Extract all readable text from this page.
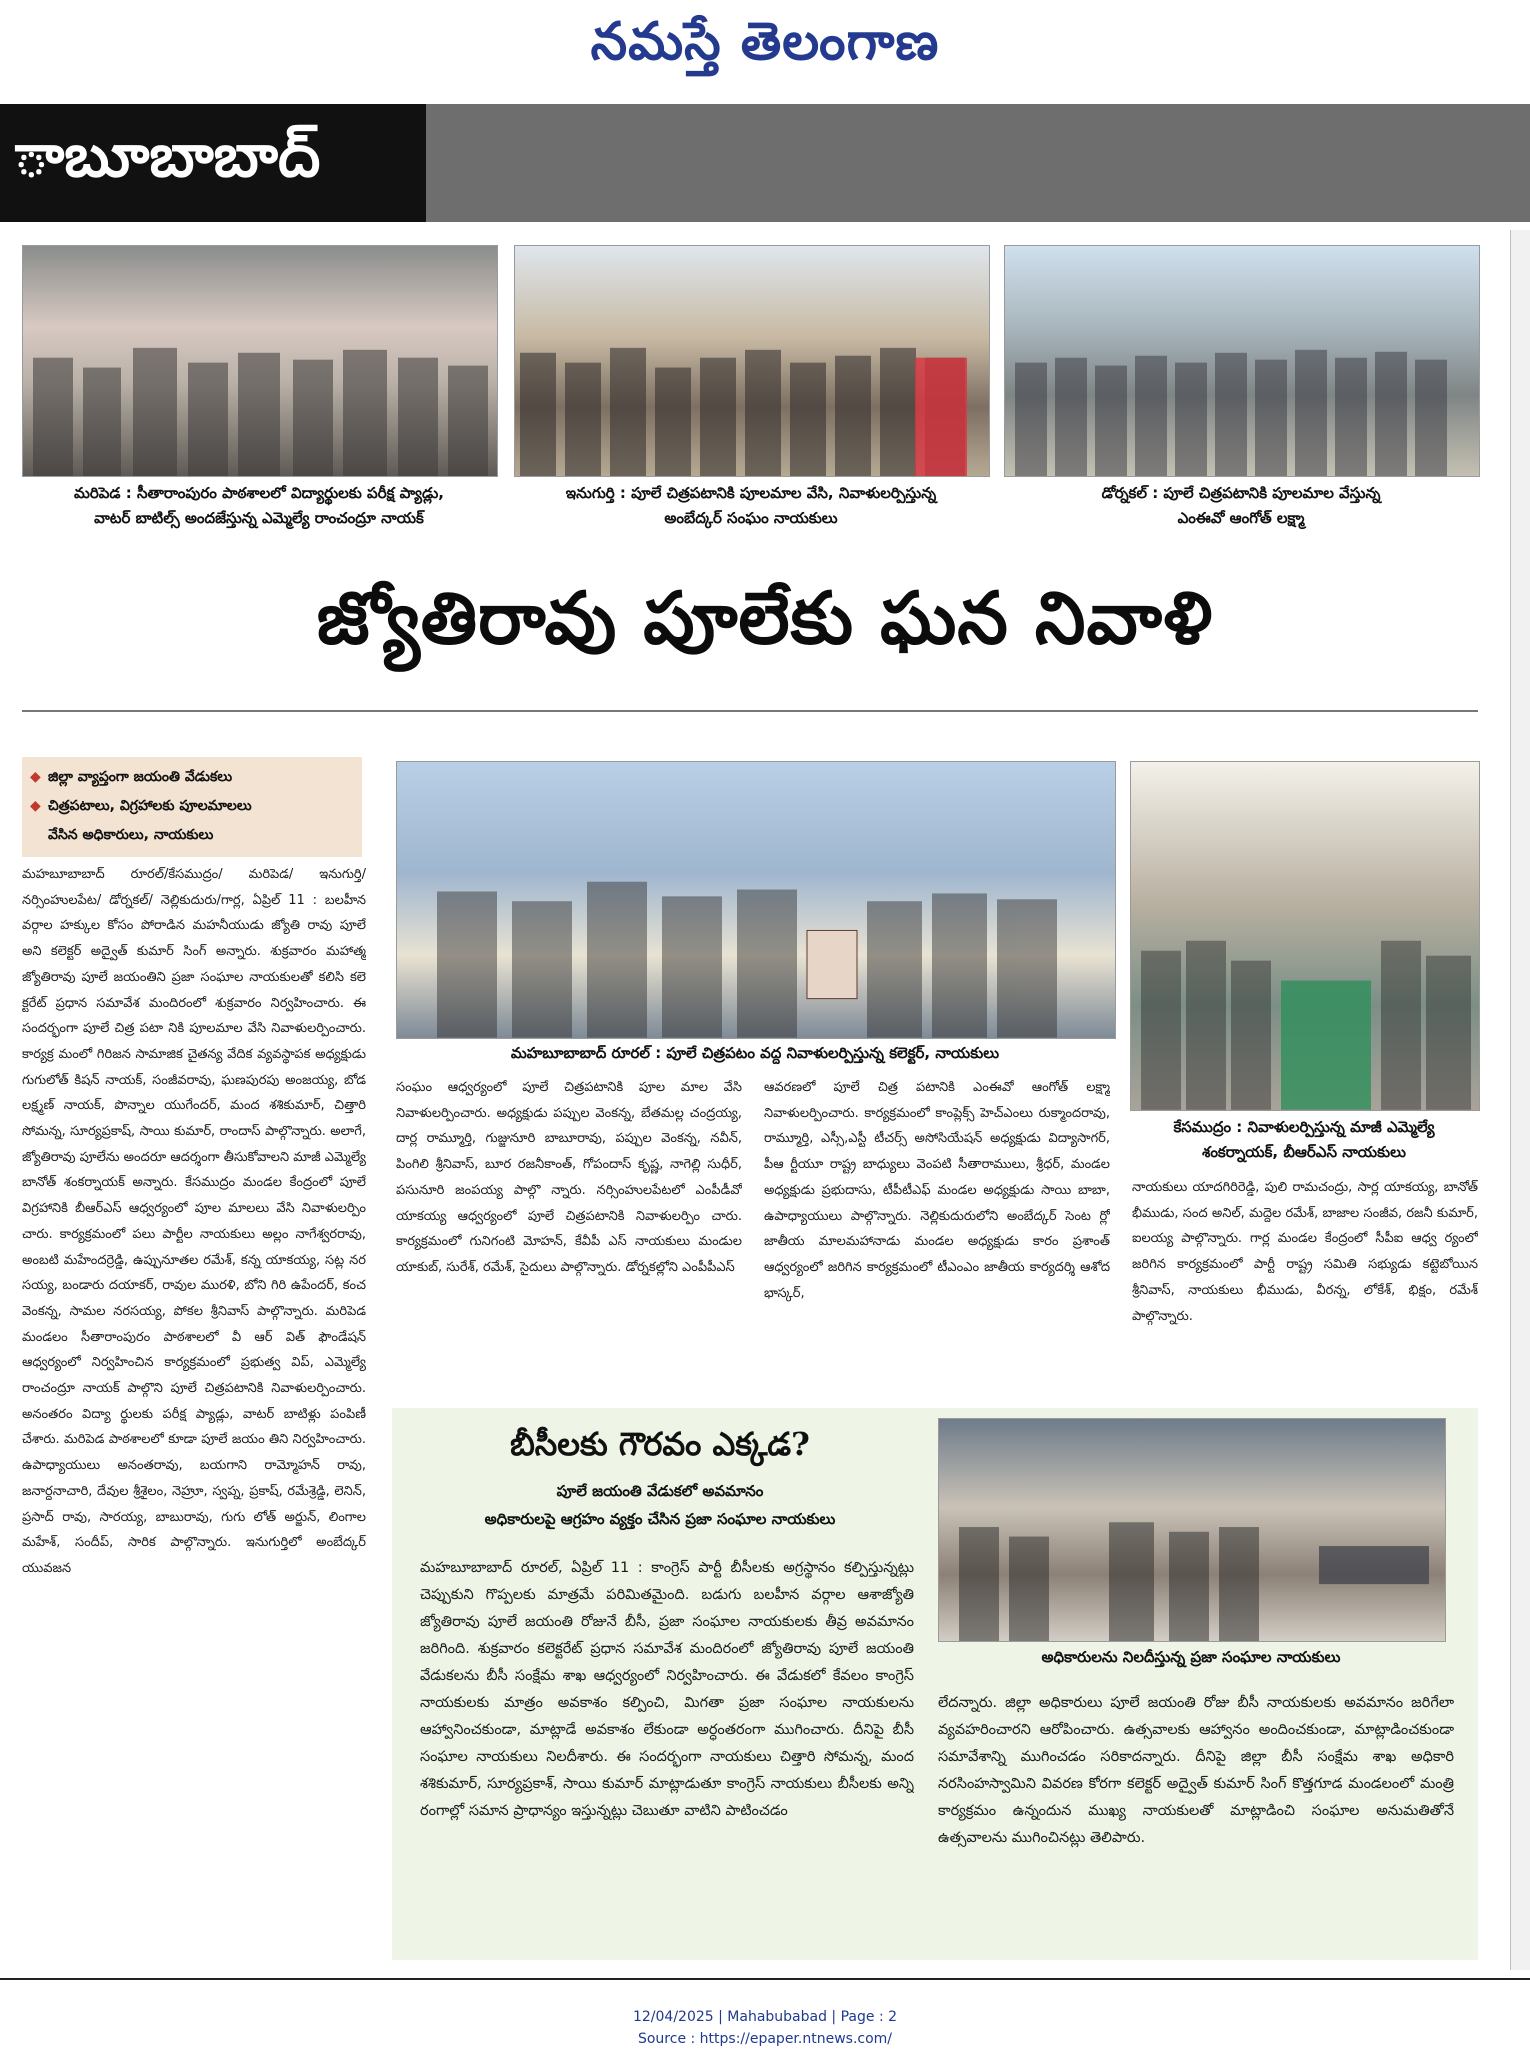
నమస్తే తెలంగాణ
ాబూబాబాద్
మరిపెడ : సీతారాంపురం పాఠశాలలో విద్యార్థులకు పరీక్ష ప్యాడ్లు,
వాటర్ బాటిల్స్ అందజేస్తున్న ఎమ్మెల్యే రాంచంద్రూ నాయక్
ఇనుగుర్తి : పూలే చిత్రపటానికి పూలమాల వేసి, నివాళులర్పిస్తున్న
అంబేద్కర్ సంఘం నాయకులు
డోర్నకల్ : పూలే చిత్రపటానికి పూలమాల వేస్తున్న
ఎంఈవో ఆంగోత్ లక్ష్మా
జ్యోతిరావు పూలేకు ఘన నివాళి
◆ జిల్లా వ్యాప్తంగా జయంతి వేడుకలు
◆ చిత్రపటాలు, విగ్రహాలకు పూలమాలలు
వేసిన అధికారులు, నాయకులు
మహబూబాబాద్ రూరల్ : పూలే చిత్రపటం వద్ద నివాళులర్పిస్తున్న కలెక్టర్, నాయకులు
కేసముద్రం : నివాళులర్పిస్తున్న మాజీ ఎమ్మెల్యే
శంకర్నాయక్, బీఆర్ఎస్ నాయకులు
మహబూబాబాద్ రూరల్/కేసముద్రం/ మరిపెడ/ ఇనుగుర్తి/నర్సింహులపేట/ డోర్నకల్/ నెల్లికుదురు/గార్ల, ఏప్రిల్ 11 : బలహీన వర్గాల హక్కుల కోసం పోరాడిన మహనీయుడు జ్యోతి రావు పూలే అని కలెక్టర్ అద్వైత్ కుమార్ సింగ్ అన్నారు. శుక్రవారం మహాత్మ జ్యోతిరావు పూలే జయంతిని ప్రజా సంఘాల నాయకులతో కలిసి కలె క్టరేట్ ప్రధాన సమావేశ మందిరంలో శుక్రవారం నిర్వహించారు. ఈ సందర్భంగా పూలే చిత్ర పటా నికి పూలమాల వేసి నివాళులర్పించారు. కార్యక్ర మంలో గిరిజన సామాజిక చైతన్య వేదిక వ్యవస్థాపక అధ్యక్షుడు గుగులోత్ కిషన్ నాయక్, సంజీవరావు, ఘణపురపు అంజయ్య, బోడ లక్ష్మణ్ నాయక్, పొన్నాల యుగేందర్, మంద శశికుమార్, చిత్తారి సోమన్న, సూర్యప్రకాష్, సాయి కుమార్, రాందాస్ పాల్గొన్నారు. అలాగే, జ్యోతిరావు పూలేను అందరూ ఆదర్శంగా తీసుకోవాలని మాజీ ఎమ్మెల్యే బానోత్ శంకర్నాయక్ అన్నారు. కేసముద్రం మండల కేంద్రంలో పూలే విగ్రహానికి బీఆర్ఎస్ ఆధ్వర్యంలో పూల మాలలు వేసి నివాళులర్పిం చారు. కార్యక్రమంలో పలు పార్టీల నాయకులు అల్లం నాగేశ్వరరావు, అంబటి మహేందర్రెడ్డి, ఉప్పునూతల రమేశ్, కన్న యాకయ్య, సట్ల నర సయ్య, బండారు దయాకర్, రావుల మురళి, బోని గిరి ఉపేందర్, కంచ వెంకన్న, సామల నరసయ్య, పోకల శ్రీనివాస్ పాల్గొన్నారు. మరిపెడ మండలం సీతారాంపురం పాఠశాలలో వీ ఆర్ విత్ ఫౌండేషన్ ఆధ్వర్యంలో నిర్వహించిన కార్యక్రమంలో ప్రభుత్వ విప్, ఎమ్మెల్యే రాంచంద్రూ నాయక్ పాల్గొని పూలే చిత్రపటానికి నివాళులర్పించారు. అనంతరం విద్యా ర్థులకు పరీక్ష ప్యాడ్లు, వాటర్ బాటిళ్లు పంపిణీ చేశారు. మరిపెడ పాఠశాలలో కూడా పూలే జయం తిని నిర్వహించారు. ఉపాధ్యాయులు అనంతరావు, బయగాని రామ్మోహన్ రావు, జనార్దనాచారి, దేవుల శ్రీశైలం, నెహ్రూ, స్వప్న, ప్రకాష్, రమేశ్రెడ్డి, లెనిన్, ప్రసాద్ రావు, సారయ్య, బాబురావు, గుగు లోత్ అర్జున్, లింగాల మహేశ్, సందీప్, సారిక పాల్గొన్నారు. ఇనుగుర్తిలో అంబేద్కర్ యువజన
సంఘం ఆధ్వర్యంలో పూలే చిత్రపటానికి పూల మాల వేసి నివాళులర్పించారు. అధ్యక్షుడు పప్పుల వెంకన్న, బేతమల్ల చంద్రయ్య, దార్ల రామ్మూర్తి, గుజ్జునూరి బాబూరావు, పప్పుల వెంకన్న, నవీన్, పింగిలి శ్రీనివాస్, బూర రజనీకాంత్, గోపందాస్ కృష్ణ, నాగెల్లి సుధీర్, పసునూరి జంపయ్య పాల్గొ న్నారు. నర్సింహులపేటలో ఎంపీడీవో యాకయ్య ఆధ్వర్యంలో పూలే చిత్రపటానికి నివాళులర్పిం చారు. కార్యక్రమంలో గునిగంటి మోహన్, కేవీపీ ఎస్ నాయకులు మండుల యాకుబ్, సురేశ్, రమేశ్, సైదులు పాల్గొన్నారు. డోర్నకల్లోని ఎంపీపీఎస్
ఆవరణలో పూలే చిత్ర పటానికి ఎంఈవో ఆంగోత్ లక్ష్మా నివాళులర్పించారు. కార్యక్రమంలో కాంప్లెక్స్ హెచ్ఎంలు రుక్మాందరావు, రామ్మూర్తి, ఎస్సీ,ఎస్టీ టీచర్స్ అసోసియేషన్ అధ్యక్షుడు విద్యాసాగర్, పీఆ ర్టీయూ రాష్ట్ర బాధ్యులు వెంపటి సీతారాములు, శ్రీధర్, మండల అధ్యక్షుడు ప్రభుదాసు, టీపీటీఎఫ్ మండల అధ్యక్షుడు సాయి బాబా, ఉపాధ్యాయులు పాల్గొన్నారు. నెల్లికుదురులోని అంబేద్కర్ సెంట ర్లో జాతీయ మాలమహానాడు మండల అధ్యక్షుడు కారం ప్రశాంత్ ఆధ్వర్యంలో జరిగిన కార్యక్రమంలో టీఎంఎం జాతీయ కార్యదర్శి ఆశోద భాస్కర్,
నాయకులు యాదగిరిరెడ్డి, పులి రామచంద్రు, సార్ల యాకయ్య, బానోత్ భీముడు, సంద అనిల్, మద్దెల రమేశ్, బాజాల సంజీవ, రజనీ కుమార్, ఐలయ్య పాల్గొన్నారు. గార్ల మండల కేంద్రంలో సీపీఐ ఆధ్వ ర్యంలో జరిగిన కార్యక్రమంలో పార్టీ రాష్ట్ర సమితి సభ్యుడు కట్టెబోయిన శ్రీనివాస్, నాయకులు భీముడు, వీరన్న, లోకేశ్, భిక్షం, రమేశ్ పాల్గొన్నారు.
బీసీలకు గౌరవం ఎక్కడ?
పూలే జయంతి వేడుకలో అవమానం
అధికారులపై ఆగ్రహం వ్యక్తం చేసిన ప్రజా సంఘాల నాయకులు
అధికారులను నిలదీస్తున్న ప్రజా సంఘాల నాయకులు
మహబూబాబాద్ రూరల్, ఏప్రిల్ 11 : కాంగ్రెస్ పార్టీ బీసీలకు అగ్రస్థానం కల్పిస్తున్నట్లు చెప్పుకుని గొప్పలకు మాత్రమే పరిమితమైంది. బడుగు బలహీన వర్గాల ఆశాజ్యోతి జ్యోతిరావు పూలే జయంతి రోజునే బీసీ, ప్రజా సంఘాల నాయకులకు తీవ్ర అవమానం జరిగింది. శుక్రవారం కలెక్టరేట్ ప్రధాన సమావేశ మందిరంలో జ్యోతిరావు పూలే జయంతి వేడుకలను బీసీ సంక్షేమ శాఖ ఆధ్వర్యంలో నిర్వహించారు. ఈ వేడుకలో కేవలం కాంగ్రెస్ నాయకులకు మాత్రం అవకాశం కల్పించి, మిగతా ప్రజా సంఘాల నాయకులను ఆహ్వానించకుండా, మాట్లాడే అవకాశం లేకుండా అర్ధంతరంగా ముగించారు. దీనిపై బీసీ సంఘాల నాయకులు నిలదీశారు. ఈ సందర్భంగా నాయకులు చిత్తారి సోమన్న, మంద శశికుమార్, సూర్యప్రకాశ్, సాయి కుమార్ మాట్లాడుతూ కాంగ్రెస్ నాయకులు బీసీలకు అన్ని రంగాల్లో సమాన ప్రాధాన్యం ఇస్తున్నట్లు చెబుతూ వాటిని పాటించడం
లేదన్నారు. జిల్లా అధికారులు పూలే జయంతి రోజు బీసీ నాయకులకు అవమానం జరిగేలా వ్యవహరించారని ఆరోపించారు. ఉత్సవాలకు ఆహ్వానం అందించకుండా, మాట్లాడించకుండా సమావేశాన్ని ముగించడం సరికాదన్నారు. దీనిపై జిల్లా బీసీ సంక్షేమ శాఖ అధికారి నరసింహస్వామిని వివరణ కోరగా కలెక్టర్ అద్వైత్ కుమార్ సింగ్ కొత్తగూడ మండలంలో మంత్రి కార్యక్రమం ఉన్నందున ముఖ్య నాయకులతో మాట్లాడించి సంఘాల అనుమతితోనే ఉత్సవాలను ముగించినట్లు తెలిపారు.
12/04/2025 | Mahabubabad | Page : 2
Source : https://epaper.ntnews.com/
